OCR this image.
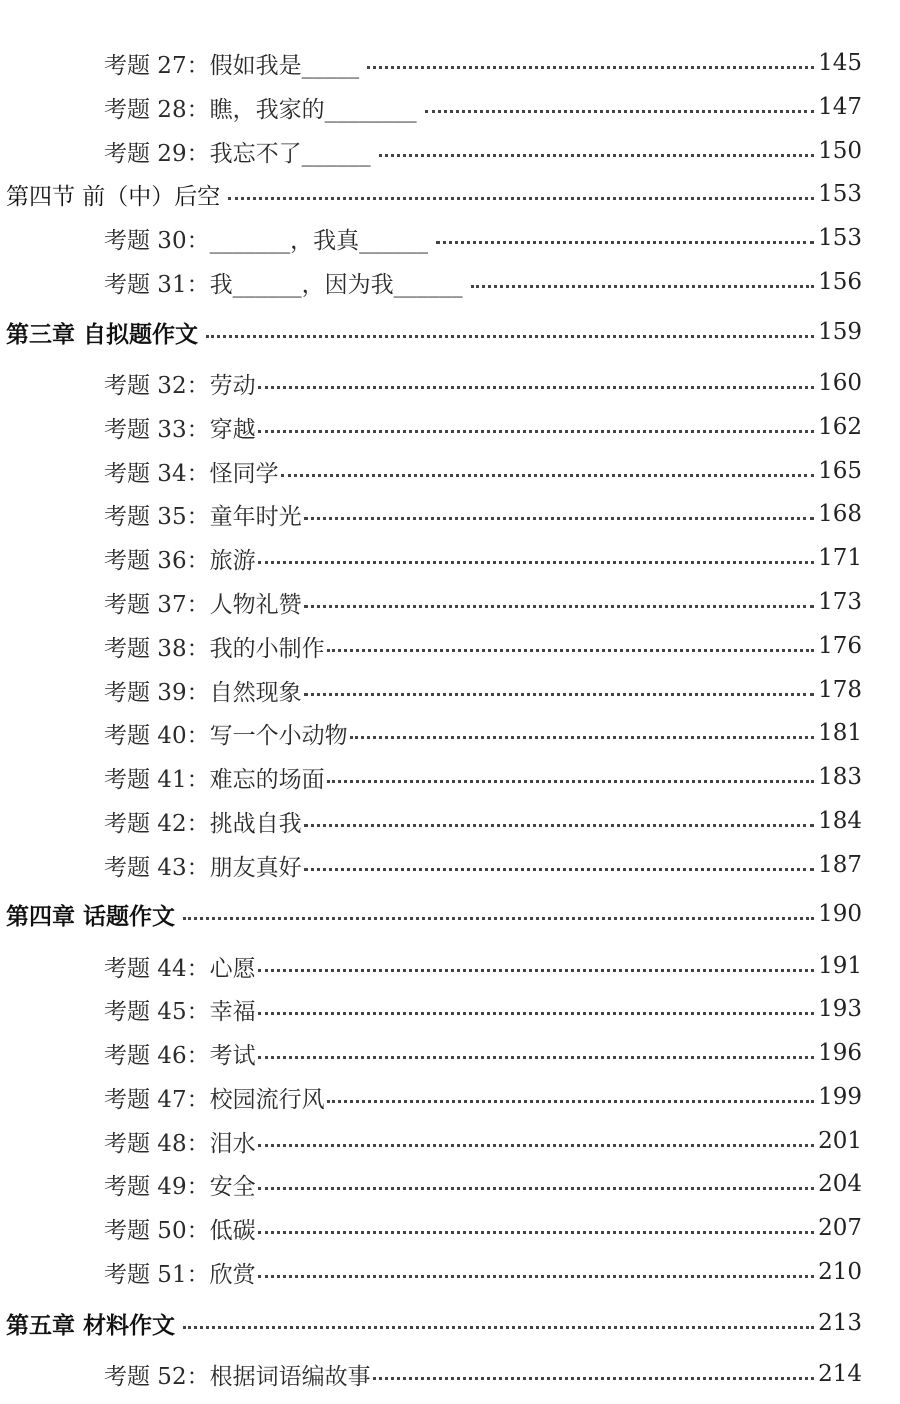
考题 27：假如我是_____	145
考题 28：瞧，我家的________	147
考题 29：我忘不了______	150
第四节 前（中）后空	153
考题 30：_______，我真______	153
考题 31：我______，因为我______	156
第三章 自拟题作文	159
考题 32：劳动	160
考题 33：穿越	162
考题 34：怪同学	165
考题 35：童年时光	168
考题 36：旅游	171
考题 37：人物礼赞	173
考题 38：我的小制作	176
考题 39：自然现象	178
考题 40：写一个小动物	181
考题 41：难忘的场面	183
考题 42：挑战自我	184
考题 43：朋友真好	187
第四章 话题作文	190
考题 44：心愿	191
考题 45：幸福	193
考题 46：考试	196
考题 47：校园流行风	199
考题 48：泪水	201
考题 49：安全	204
考题 50：低碳	207
考题 51：欣赏	210
第五章 材料作文	213
考题 52：根据词语编故事	214
